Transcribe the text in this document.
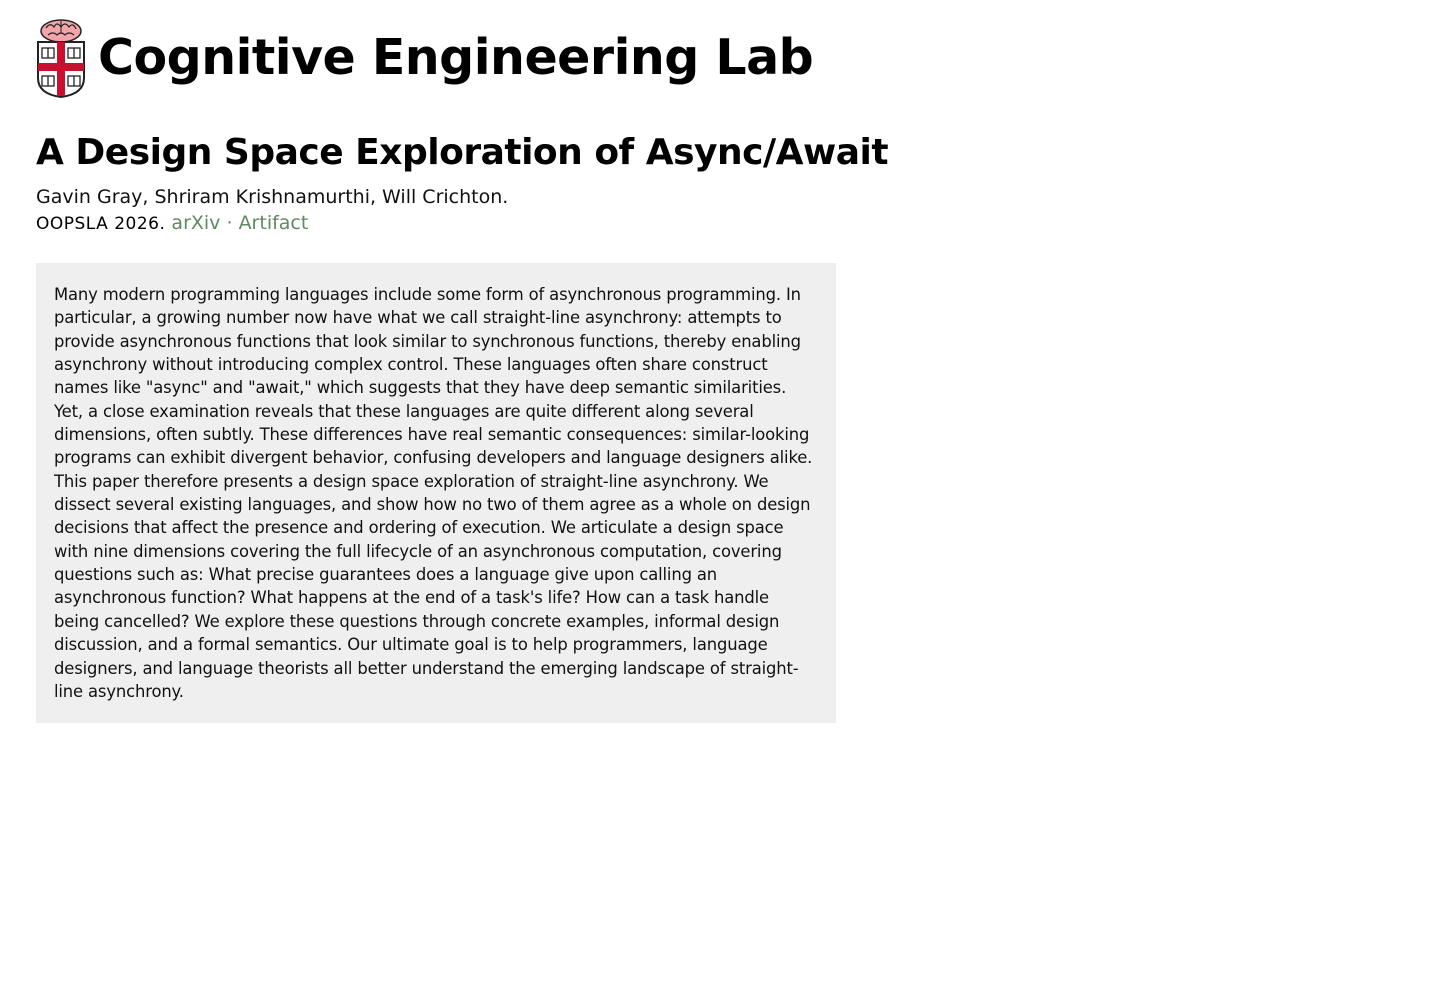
Cognitive Engineering Lab
A Design Space Exploration of Async/Await
Gavin Gray, Shriram Krishnamurthi, Will Crichton.
OOPSLA 2026. arXiv · Artifact

Many modern programming languages include some form of asynchronous programming. In particular, a growing number now have what we call straight-line asynchrony: attempts to provide asynchronous functions that look similar to synchronous functions, thereby enabling asynchrony without introducing complex control. These languages often share construct names like "async" and "await," which suggests that they have deep semantic similarities. Yet, a close examination reveals that these languages are quite different along several dimensions, often subtly. These differences have real semantic consequences: similar-looking programs can exhibit divergent behavior, confusing developers and language designers alike. This paper therefore presents a design space exploration of straight-line asynchrony. We dissect several existing languages, and show how no two of them agree as a whole on design decisions that affect the presence and ordering of execution. We articulate a design space with nine dimensions covering the full lifecycle of an asynchronous computation, covering questions such as: What precise guarantees does a language give upon calling an asynchronous function? What happens at the end of a task's life? How can a task handle being cancelled? We explore these questions through concrete examples, informal design discussion, and a formal semantics. Our ultimate goal is to help programmers, language designers, and language theorists all better understand the emerging landscape of straight-line asynchrony.
